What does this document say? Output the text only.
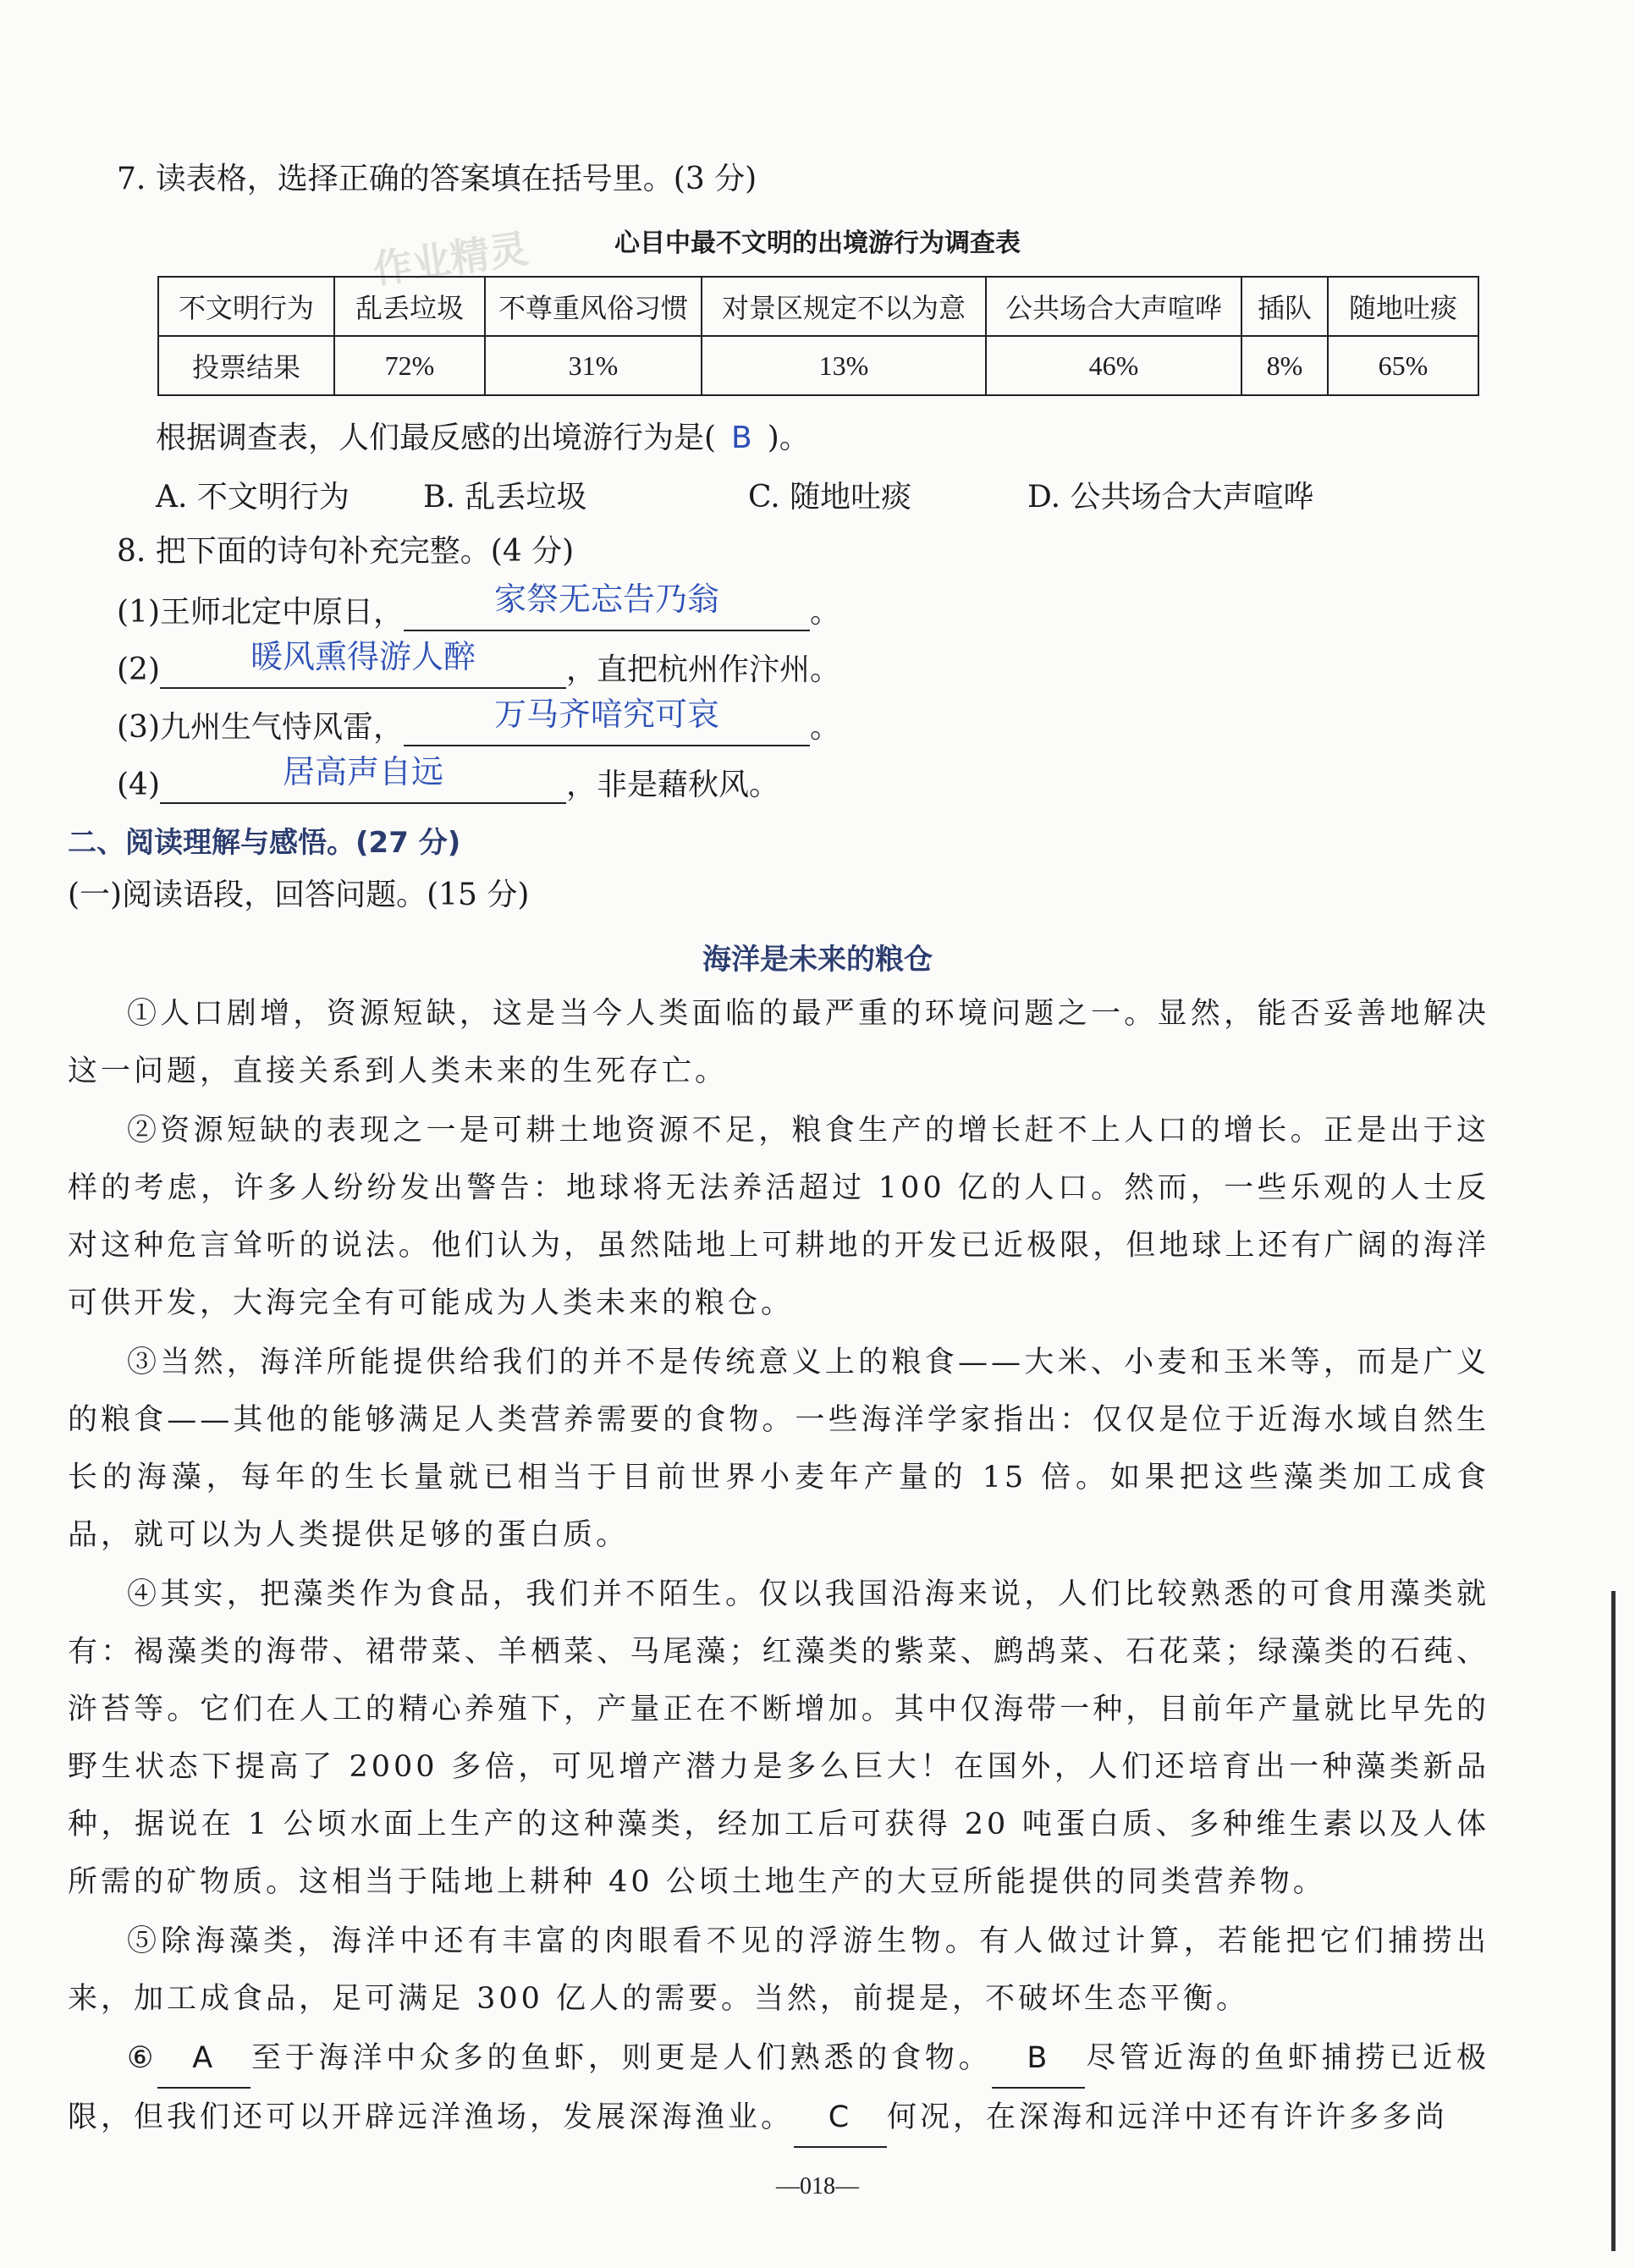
7. 读表格，选择正确的答案填在括号里。(3 分)
心目中最不文明的出境游行为调查表
作业精灵
不文明行为	乱丢垃圾	不尊重风俗习惯	对景区规定不以为意	公共场合大声喧哗	插队	随地吐痰
投票结果	72%	31%	13%	46%	8%	65%
根据调查表，人们最反感的出境游行为是( B )。
A. 不文明行为 B. 乱丢垃圾	C. 随地吐痰	D. 公共场合大声喧哗
8. 把下面的诗句补充完整。(4 分)
(1)王师北定中原日，	家祭无忘告乃翁	。
(2)	暖风熏得游人醉	，直把杭州作汴州。
(3)九州生气恃风雷，	万马齐喑究可哀	。
(4)	居高声自远	，非是藉秋风。
二、阅读理解与感悟。(27 分)
(一)阅读语段，回答问题。(15 分)
海洋是未来的粮仓

①人口剧增，资源短缺，这是当今人类面临的最严重的环境问题之一。显然，能否妥善地解决这一问题，直接关系到人类未来的生死存亡。

②资源短缺的表现之一是可耕土地资源不足，粮食生产的增长赶不上人口的增长。正是出于这样的考虑，许多人纷纷发出警告：地球将无法养活超过 100 亿的人口。然而，一些乐观的人士反对这种危言耸听的说法。他们认为，虽然陆地上可耕地的开发已近极限，但地球上还有广阔的海洋可供开发，大海完全有可能成为人类未来的粮仓。

③当然，海洋所能提供给我们的并不是传统意义上的粮食——大米、小麦和玉米等，而是广义的粮食——其他的能够满足人类营养需要的食物。一些海洋学家指出：仅仅是位于近海水域自然生长的海藻，每年的生长量就已相当于目前世界小麦年产量的 15 倍。如果把这些藻类加工成食品，就可以为人类提供足够的蛋白质。

④其实，把藻类作为食品，我们并不陌生。仅以我国沿海来说，人们比较熟悉的可食用藻类就有：褐藻类的海带、裙带菜、羊栖菜、马尾藻；红藻类的紫菜、鹧鸪菜、石花菜；绿藻类的石莼、浒苔等。它们在人工的精心养殖下，产量正在不断增加。其中仅海带一种，目前年产量就比早先的野生状态下提高了 2000 多倍，可见增产潜力是多么巨大！在国外，人们还培育出一种藻类新品种，据说在 1 公顷水面上生产的这种藻类，经加工后可获得 20 吨蛋白质、多种维生素以及人体所需的矿物质。这相当于陆地上耕种 40 公顷土地生产的大豆所能提供的同类营养物。

⑤除海藻类，海洋中还有丰富的肉眼看不见的浮游生物。有人做过计算，若能把它们捕捞出来，加工成食品，足可满足 300 亿人的需要。当然，前提是，不破坏生态平衡。

⑥ A 至于海洋中众多的鱼虾，则更是人们熟悉的食物。 B 尽管近海的鱼虾捕捞已近极限，但我们还可以开辟远洋渔场，发展深海渔业。 C 何况，在深海和远洋中还有许许多多尚

—018—
